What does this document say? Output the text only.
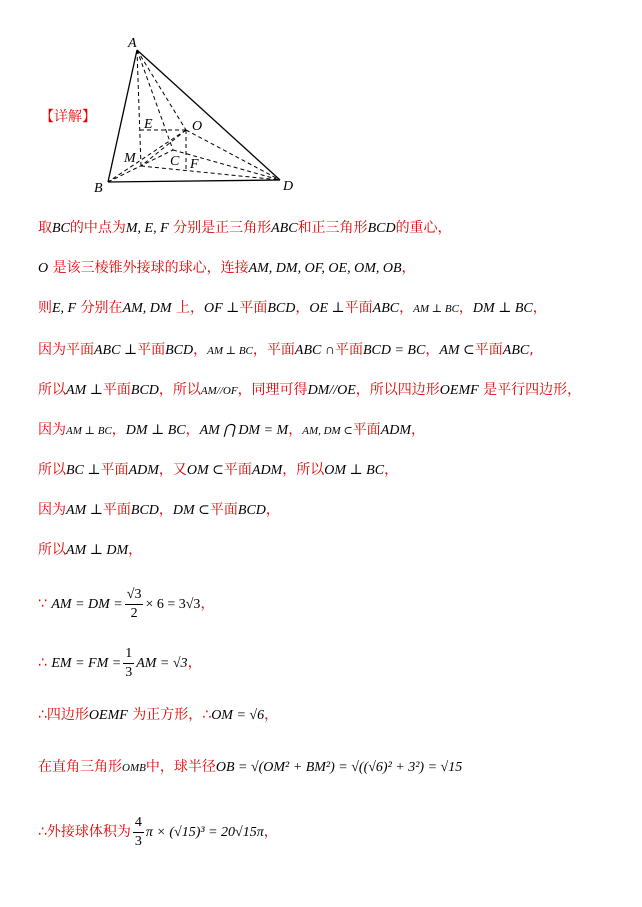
A
B
C
D
E
F
M
O
【详解】
取BC的中点为M, E, F 分别是正三角形ABC和正三角形BCD的重心，
O 是该三棱锥外接球的球心，连接AM, DM, OF, OE, OM, OB，
则E, F 分别在AM, DM 上，OF ⊥平面BCD，OE ⊥平面ABC，AM ⊥ BC，DM ⊥ BC，
因为平面ABC ⊥平面BCD，AM ⊥ BC，平面ABC ∩平面BCD = BC，AM ⊂平面ABC,
所以AM ⊥平面BCD，所以AM//OF，同理可得DM//OE，所以四边形OEMF 是平行四边形，
因为AM ⊥ BC，DM ⊥ BC，AM ⋂ DM = M，AM, DM ⊂平面ADM，
所以BC ⊥平面ADM，又OM ⊂平面ADM，所以OM ⊥ BC，
因为AM ⊥平面BCD，DM ⊂平面BCD，
所以AM ⊥ DM，
∵ AM = DM = $\frac{√3}{2} \times 6 = 3√3$，
∴ EM = FM = $\frac{1}{3}$ AM = √3，
∴四边形OEMF 为正方形，∴OM = √6，
在直角三角形OMB中，球半径OB = √(OM² + BM²) = √((√6)² + 3²) = √15
∴外接球体积为 $\frac{4}{3}$ π × (√15)³ = 20√15π，
